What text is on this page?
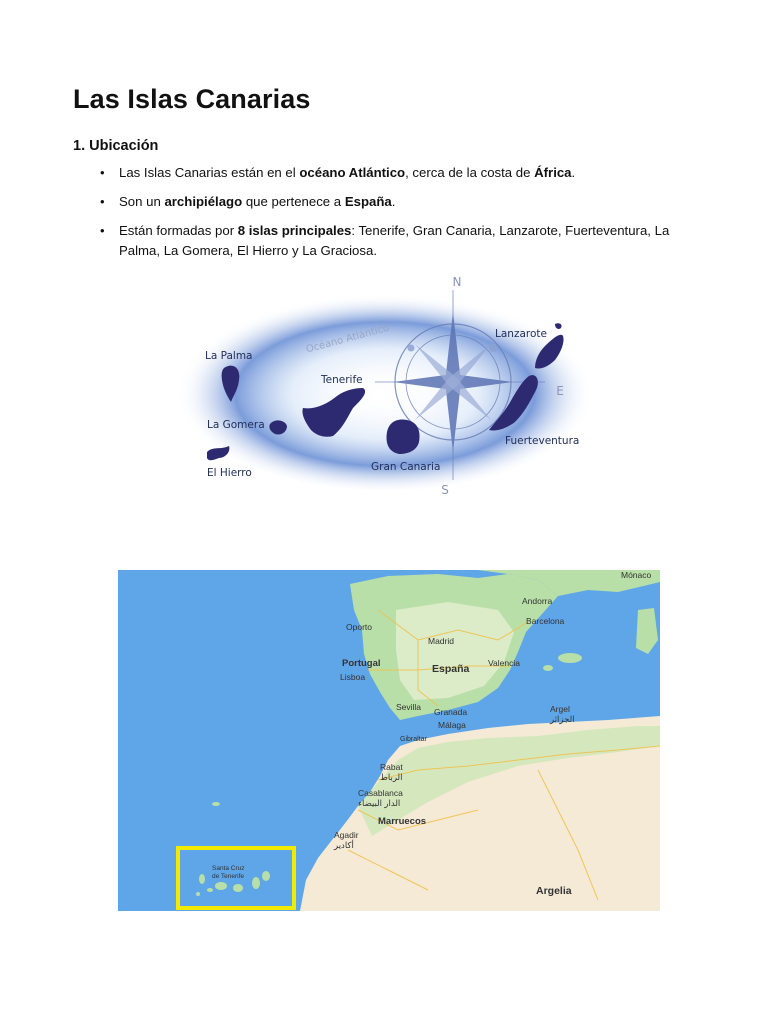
Las Islas Canarias
1. Ubicación
• Las Islas Canarias están en el océano Atlántico, cerca de la costa de África.
• Son un archipiélago que pertenece a España.
• Están formadas por 8 islas principales: Tenerife, Gran Canaria, Lanzarote, Fuerteventura, La Palma, La Gomera, El Hierro y La Graciosa.
N
E
S
Océano Atlántico
La Palma
La Gomera
El Hierro
Tenerife
Gran Canaria
Lanzarote
Fuerteventura
Mónaco
Andorra
Barcelona
Oporto
Madrid
Portugal	España Valencia
Lisboa
Sevilla Granada
Málaga
Gibraltar
Argel
الجزائر
Rabat
الرباط
Casablanca
الدار البيضاء
Marruecos
Agadir
أكادير
Argelia
Santa Cruz
de Tenerife
